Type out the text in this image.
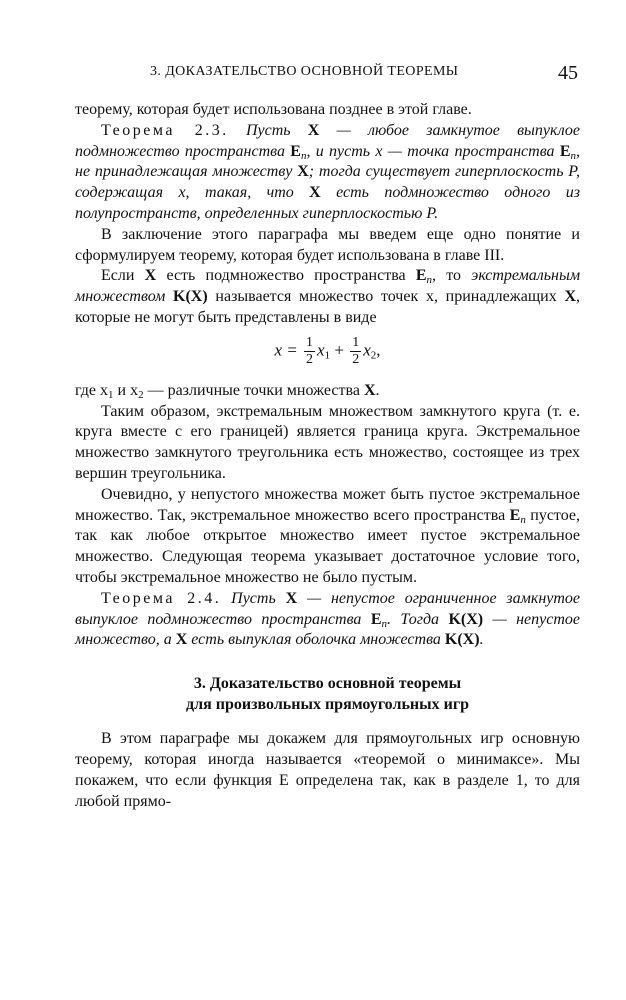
3. ДОКАЗАТЕЛЬСТВО ОСНОВНОЙ ТЕОРЕМЫ	45

теорему, которая будет использована позднее в этой главе.

Теорема 2.3. Пусть X — любое замкнутое выпуклое подмножество пространства $E_n$, и пусть x — точка пространства $E_n$, не принадлежащая множеству X; тогда существует гиперплоскость P, содержащая x, такая, что X есть подмножество одного из полупространств, определенных гиперплоскостью P.

В заключение этого параграфа мы введем еще одно понятие и сформулируем теорему, которая будет использована в главе III.

Если X есть подмножество пространства $E_n$, то экстремальным множеством K(X) называется множество точек x, принадлежащих X, которые не могут быть представлены в виде

$x = \frac{1}{2} x_1 + \frac{1}{2} x_2$,

где $x_1$ и $x_2$ — различные точки множества X.

Таким образом, экстремальным множеством замкнутого круга (т. е. круга вместе с его границей) является граница круга. Экстремальное множество замкнутого треугольника есть множество, состоящее из трех вершин треугольника.

Очевидно, у непустого множества может быть пустое экстремальное множество. Так, экстремальное множество всего пространства $E_n$ пустое, так как любое открытое множество имеет пустое экстремальное множество. Следующая теорема указывает достаточное условие того, чтобы экстремальное множество не было пустым.

Теорема 2.4. Пусть X — непустое ограниченное замкнутое выпуклое подмножество пространства $E_n$. Тогда K(X) — непустое множество, а X есть выпуклая оболочка множества K(X).

3. Доказательство основной теоремы
для произвольных прямоугольных игр

В этом параграфе мы докажем для прямоугольных игр основную теорему, которая иногда называется «теоремой о минимаксе». Мы покажем, что если функция E определена так, как в разделе 1, то для любой прямо-
